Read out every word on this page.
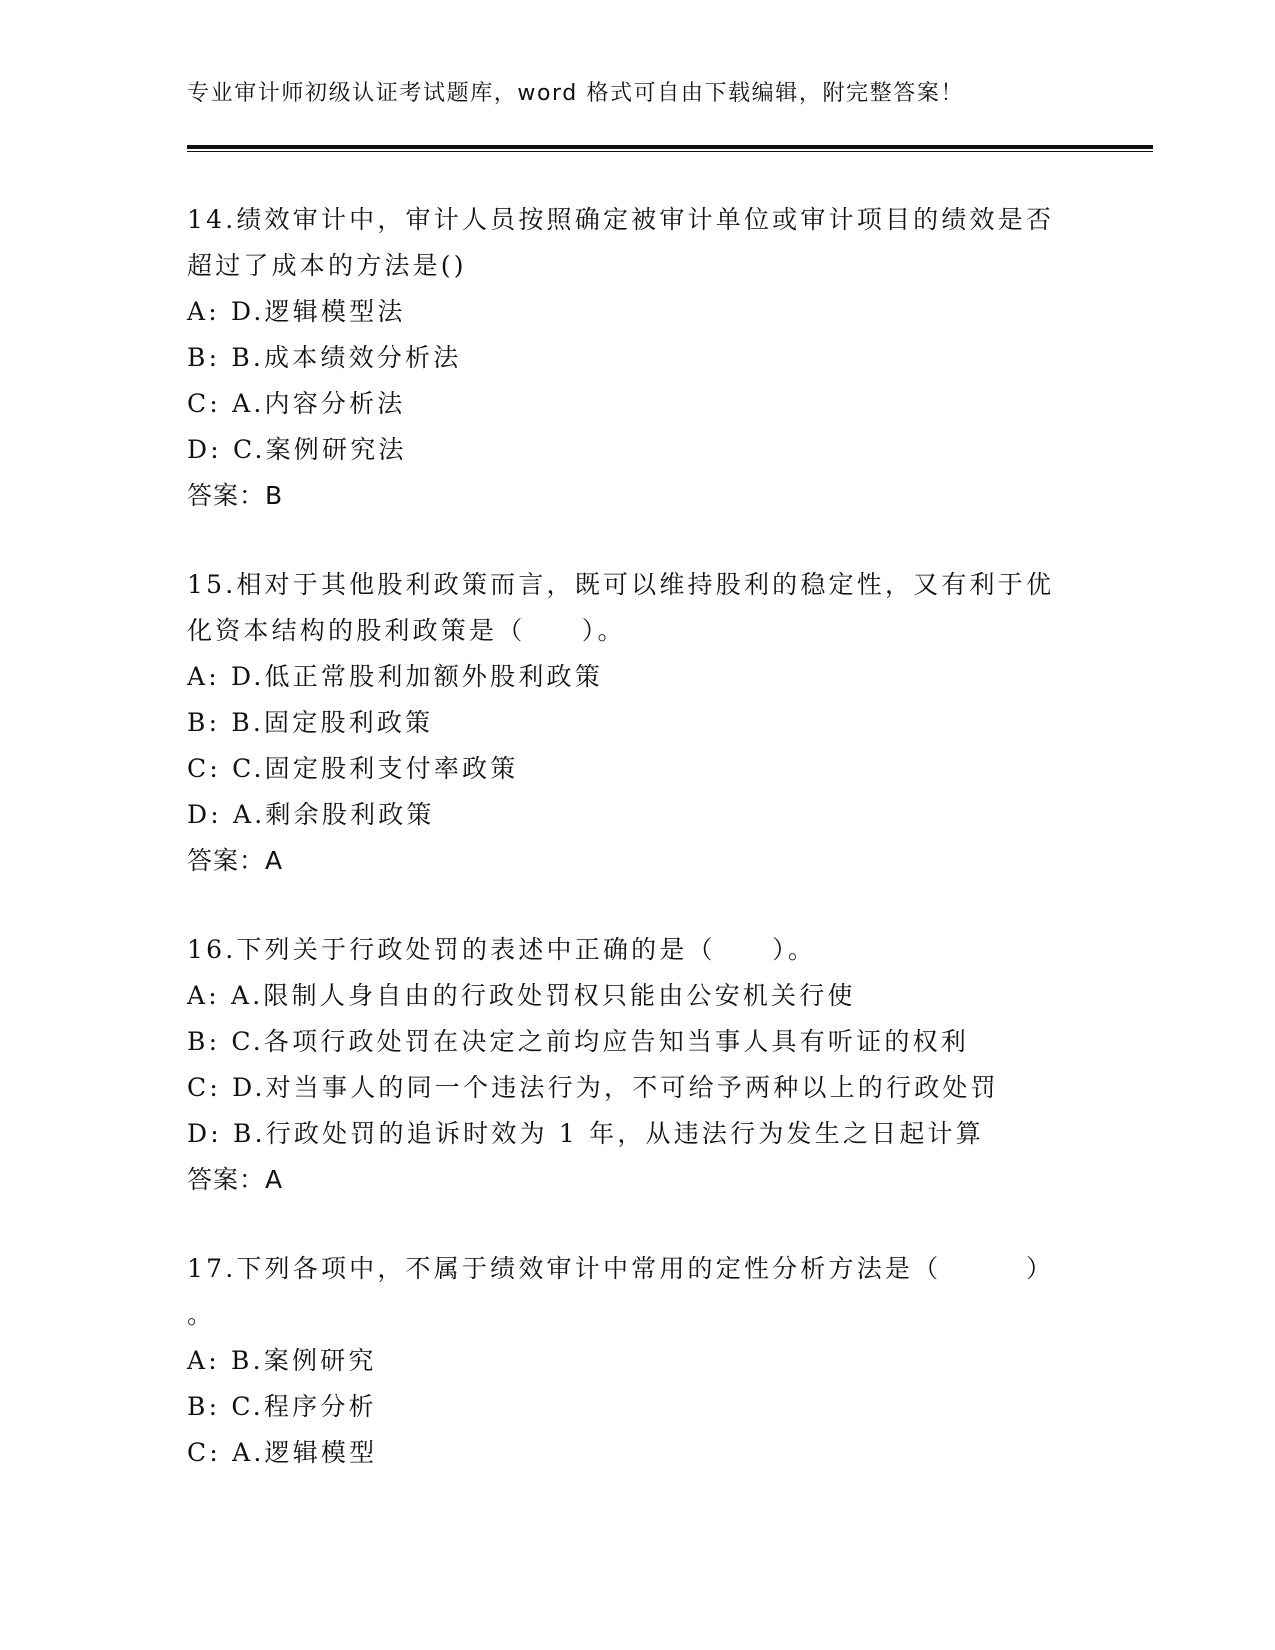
专业审计师初级认证考试题库，word 格式可自由下载编辑，附完整答案！
14.绩效审计中，审计人员按照确定被审计单位或审计项目的绩效是否
超过了成本的方法是()
A: D.逻辑模型法
B: B.成本绩效分析法
C: A.内容分析法
D: C.案例研究法
答案：B
15.相对于其他股利政策而言，既可以维持股利的稳定性，又有利于优
化资本结构的股利政策是（　　）。
A: D.低正常股利加额外股利政策
B: B.固定股利政策
C: C.固定股利支付率政策
D: A.剩余股利政策
答案：A
16.下列关于行政处罚的表述中正确的是（　　）。
A: A.限制人身自由的行政处罚权只能由公安机关行使
B: C.各项行政处罚在决定之前均应告知当事人具有听证的权利
C: D.对当事人的同一个违法行为，不可给予两种以上的行政处罚
D: B.行政处罚的追诉时效为 1 年，从违法行为发生之日起计算
答案：A
17.下列各项中，不属于绩效审计中常用的定性分析方法是（　　　）
。
A: B.案例研究
B: C.程序分析
C: A.逻辑模型
